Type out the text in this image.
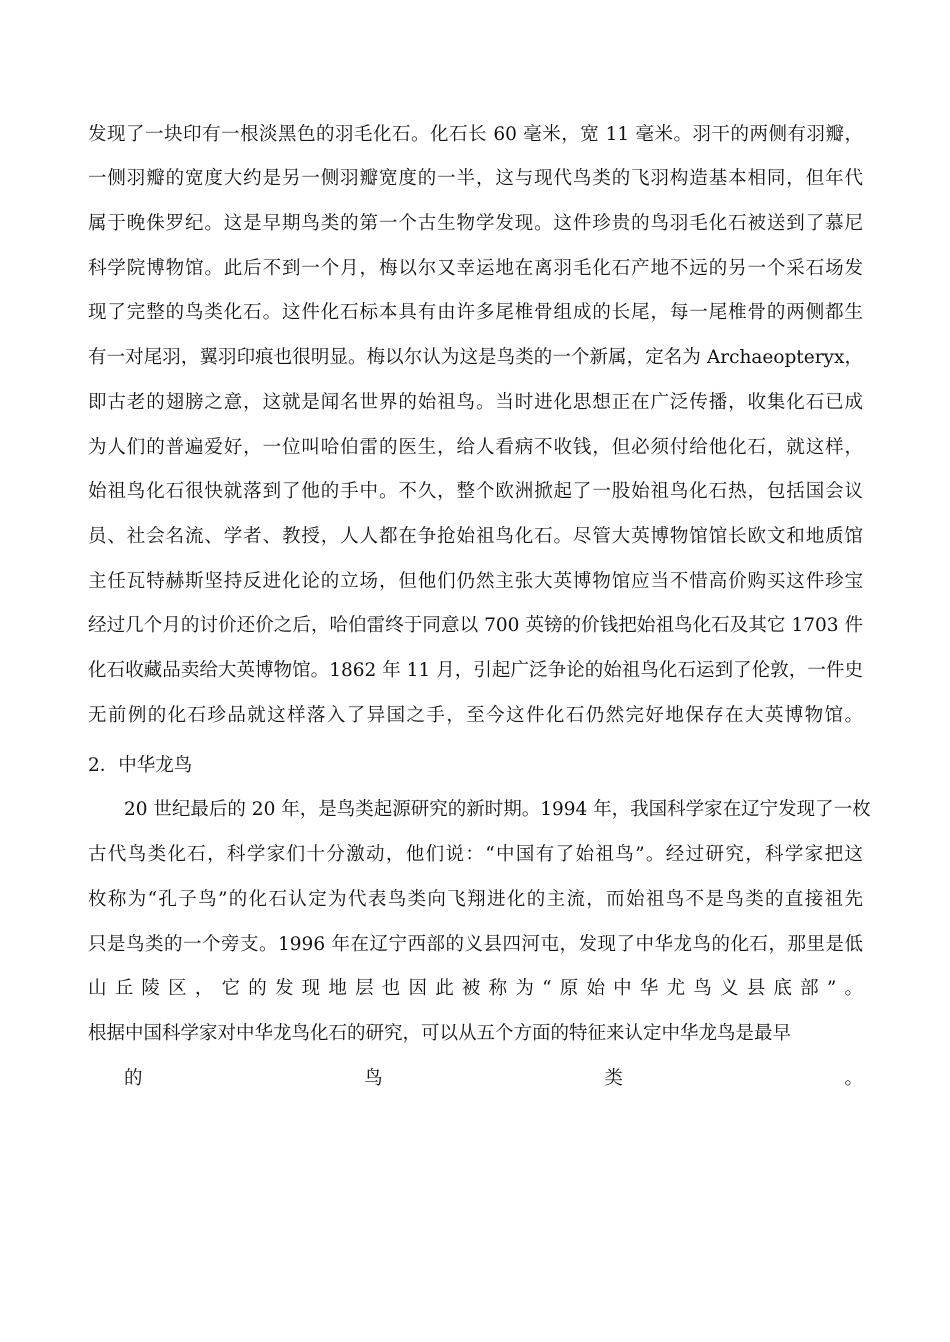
发现了一块印有一根淡黑色的羽毛化石。化石长 60 毫米，宽 11 毫米。羽干的两侧有羽瓣，
一侧羽瓣的宽度大约是另一侧羽瓣宽度的一半，这与现代鸟类的飞羽构造基本相同，但年代
属于晚侏罗纪。这是早期鸟类的第一个古生物学发现。这件珍贵的鸟羽毛化石被送到了慕尼
科学院博物馆。此后不到一个月，梅以尔又幸运地在离羽毛化石产地不远的另一个采石场发
现了完整的鸟类化石。这件化石标本具有由许多尾椎骨组成的长尾，每一尾椎骨的两侧都生
有一对尾羽，翼羽印痕也很明显。梅以尔认为这是鸟类的一个新属，定名为 Archaeopteryx，
即古老的翅膀之意，这就是闻名世界的始祖鸟。当时进化思想正在广泛传播，收集化石已成
为人们的普遍爱好，一位叫哈伯雷的医生，给人看病不收钱，但必须付给他化石，就这样，
始祖鸟化石很快就落到了他的手中。不久，整个欧洲掀起了一股始祖鸟化石热，包括国会议
员、社会名流、学者、教授，人人都在争抢始祖鸟化石。尽管大英博物馆馆长欧文和地质馆
主任瓦特赫斯坚持反进化论的立场，但他们仍然主张大英博物馆应当不惜高价购买这件珍宝
经过几个月的讨价还价之后，哈伯雷终于同意以 700 英镑的价钱把始祖鸟化石及其它 1703 件
化石收藏品卖给大英博物馆。1862 年 11 月，引起广泛争论的始祖鸟化石运到了伦敦，一件史
无前例的化石珍品就这样落入了异国之手，至今这件化石仍然完好地保存在大英博物馆。
2．中华龙鸟
20 世纪最后的 20 年，是鸟类起源研究的新时期。1994 年，我国科学家在辽宁发现了一枚
古代鸟类化石，科学家们十分激动，他们说：“中国有了始祖鸟”。经过研究，科学家把这
枚称为“孔子鸟”的化石认定为代表鸟类向飞翔进化的主流，而始祖鸟不是鸟类的直接祖先
只是鸟类的一个旁支。1996 年在辽宁西部的义县四河屯，发现了中华龙鸟的化石，那里是低
山丘陵区，它的发现地层也因此被称为“原始中华尤鸟义县底部”。
根据中国科学家对中华龙鸟化石的研究，可以从五个方面的特征来认定中华龙鸟是最早
的鸟类。
